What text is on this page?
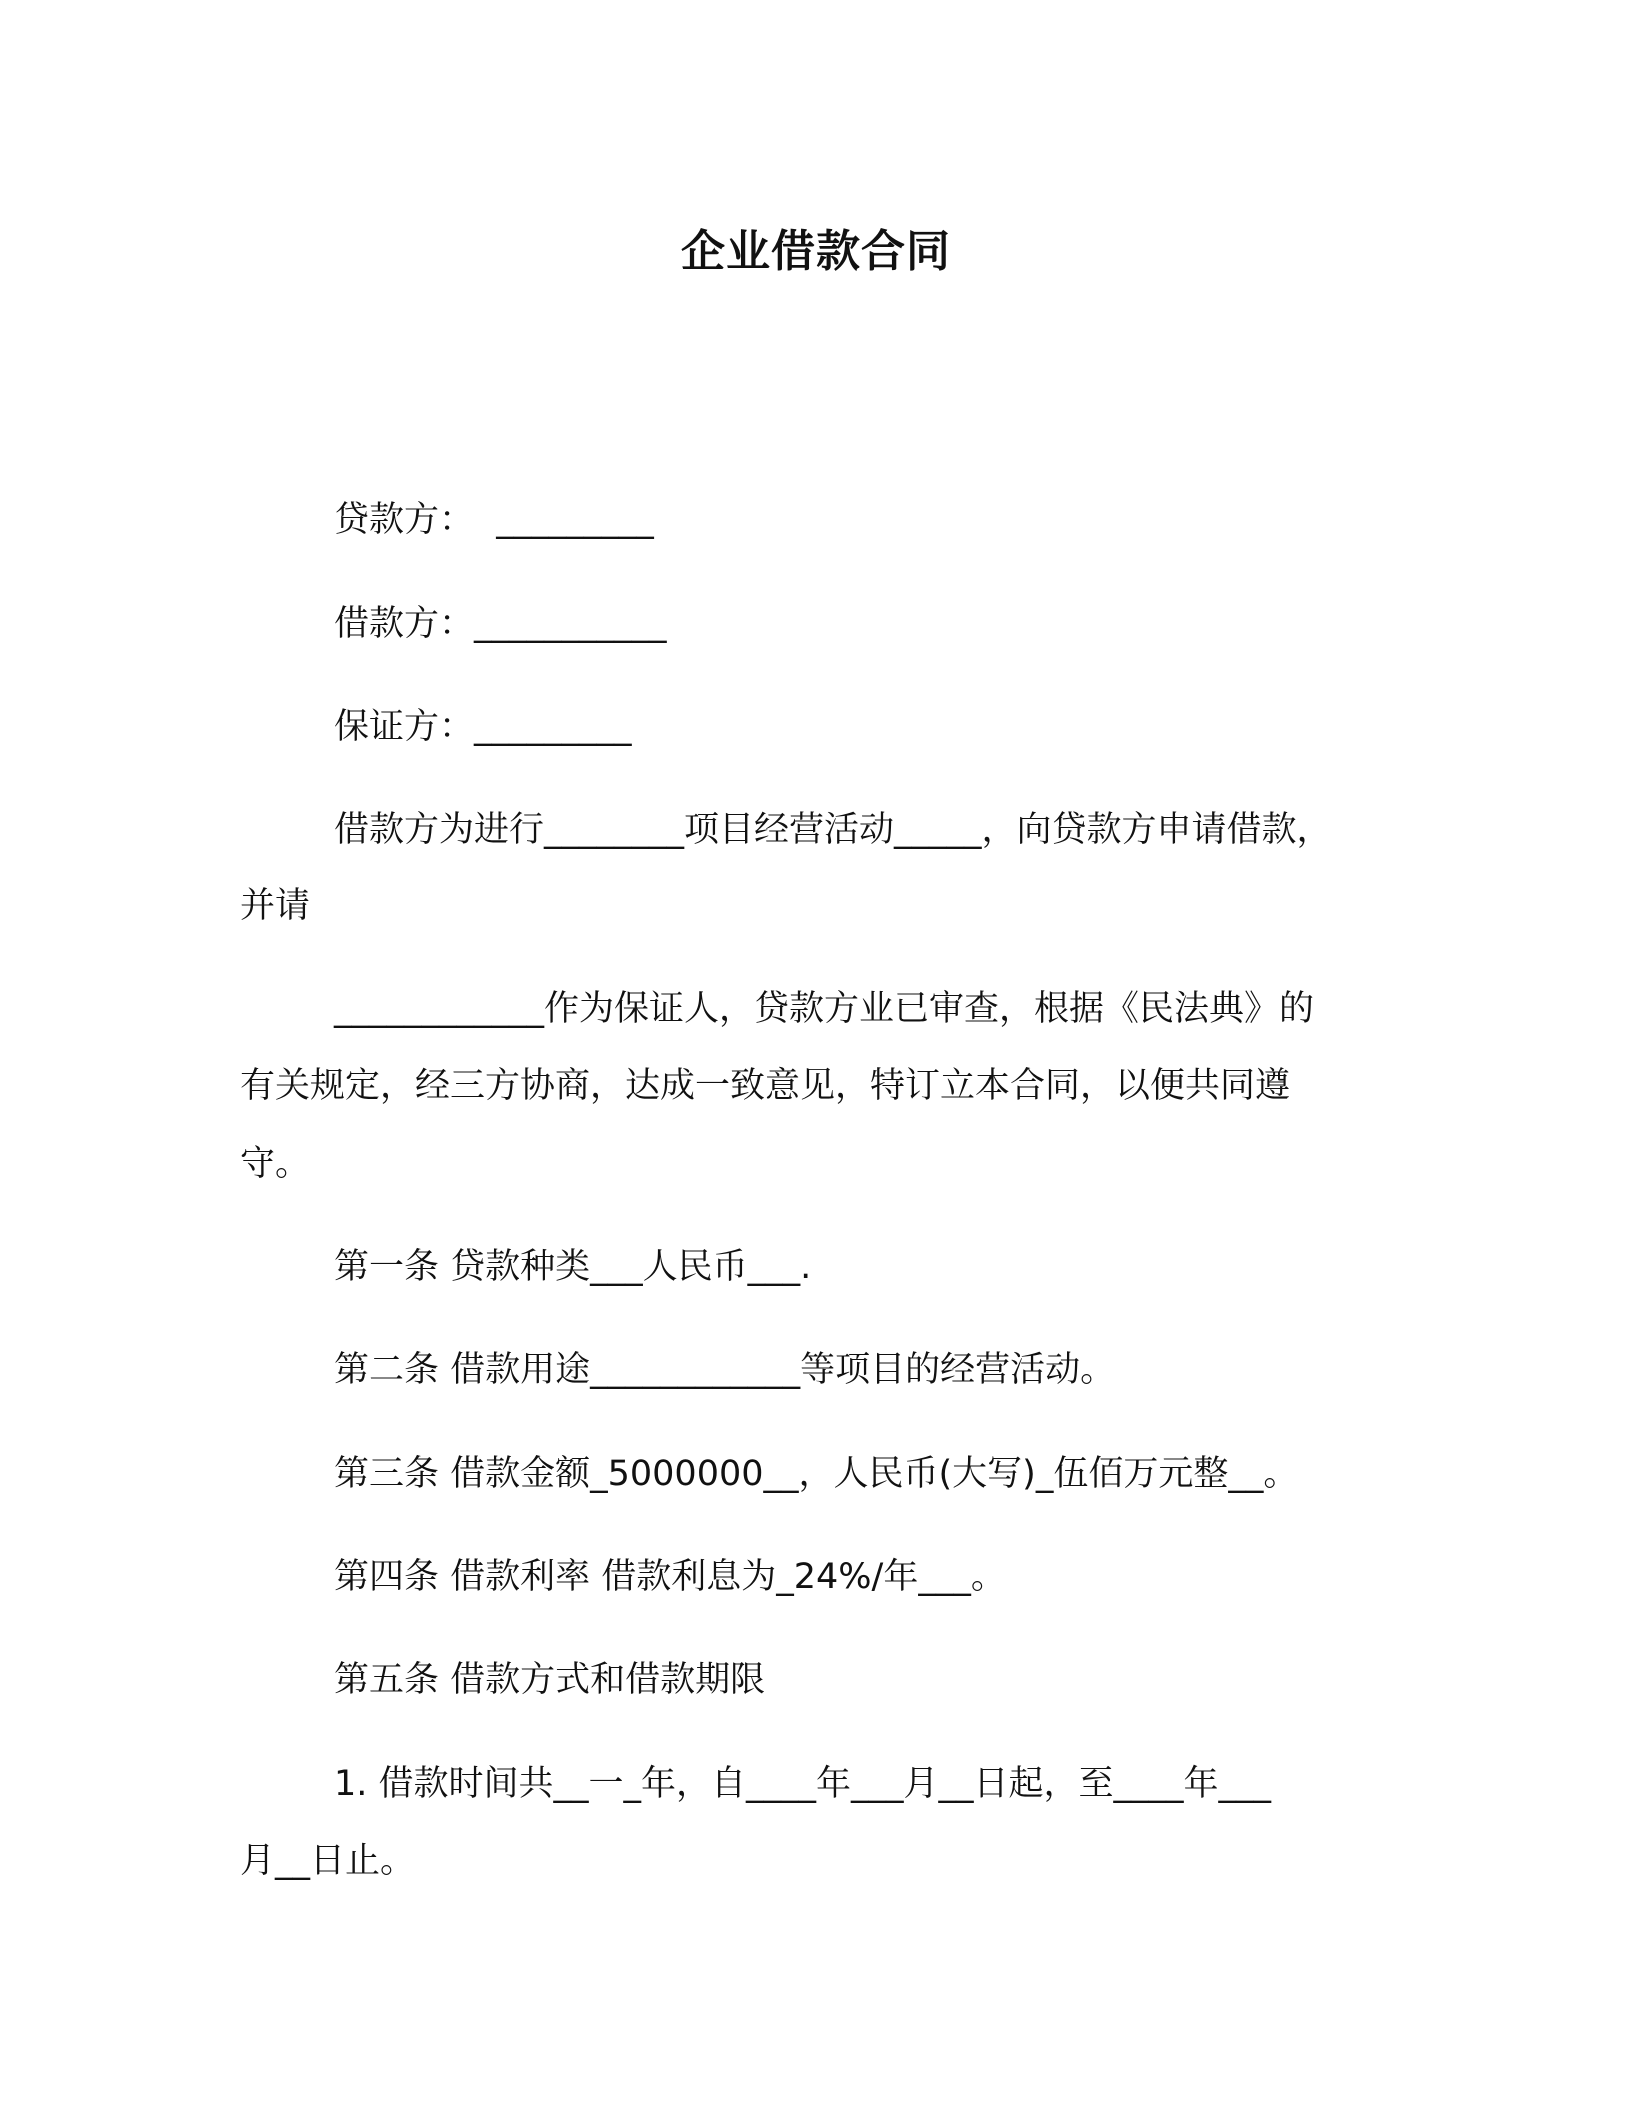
企业借款合同
贷款方：  _________
借款方：___________
保证方：_________
借款方为进行________项目经营活动_____，向贷款方申请借款，
并请
____________作为保证人，贷款方业已审查，根据《民法典》的
有关规定，经三方协商，达成一致意见，特订立本合同，以便共同遵
守。
第一条 贷款种类___人民币___.
第二条 借款用途____________等项目的经营活动。
第三条 借款金额_5000000__，人民币(大写)_伍佰万元整__。
第四条 借款利率 借款利息为_24%/年___。
第五条 借款方式和借款期限
1. 借款时间共__一_年，自____年___月__日起，至____年___
月__日止。
